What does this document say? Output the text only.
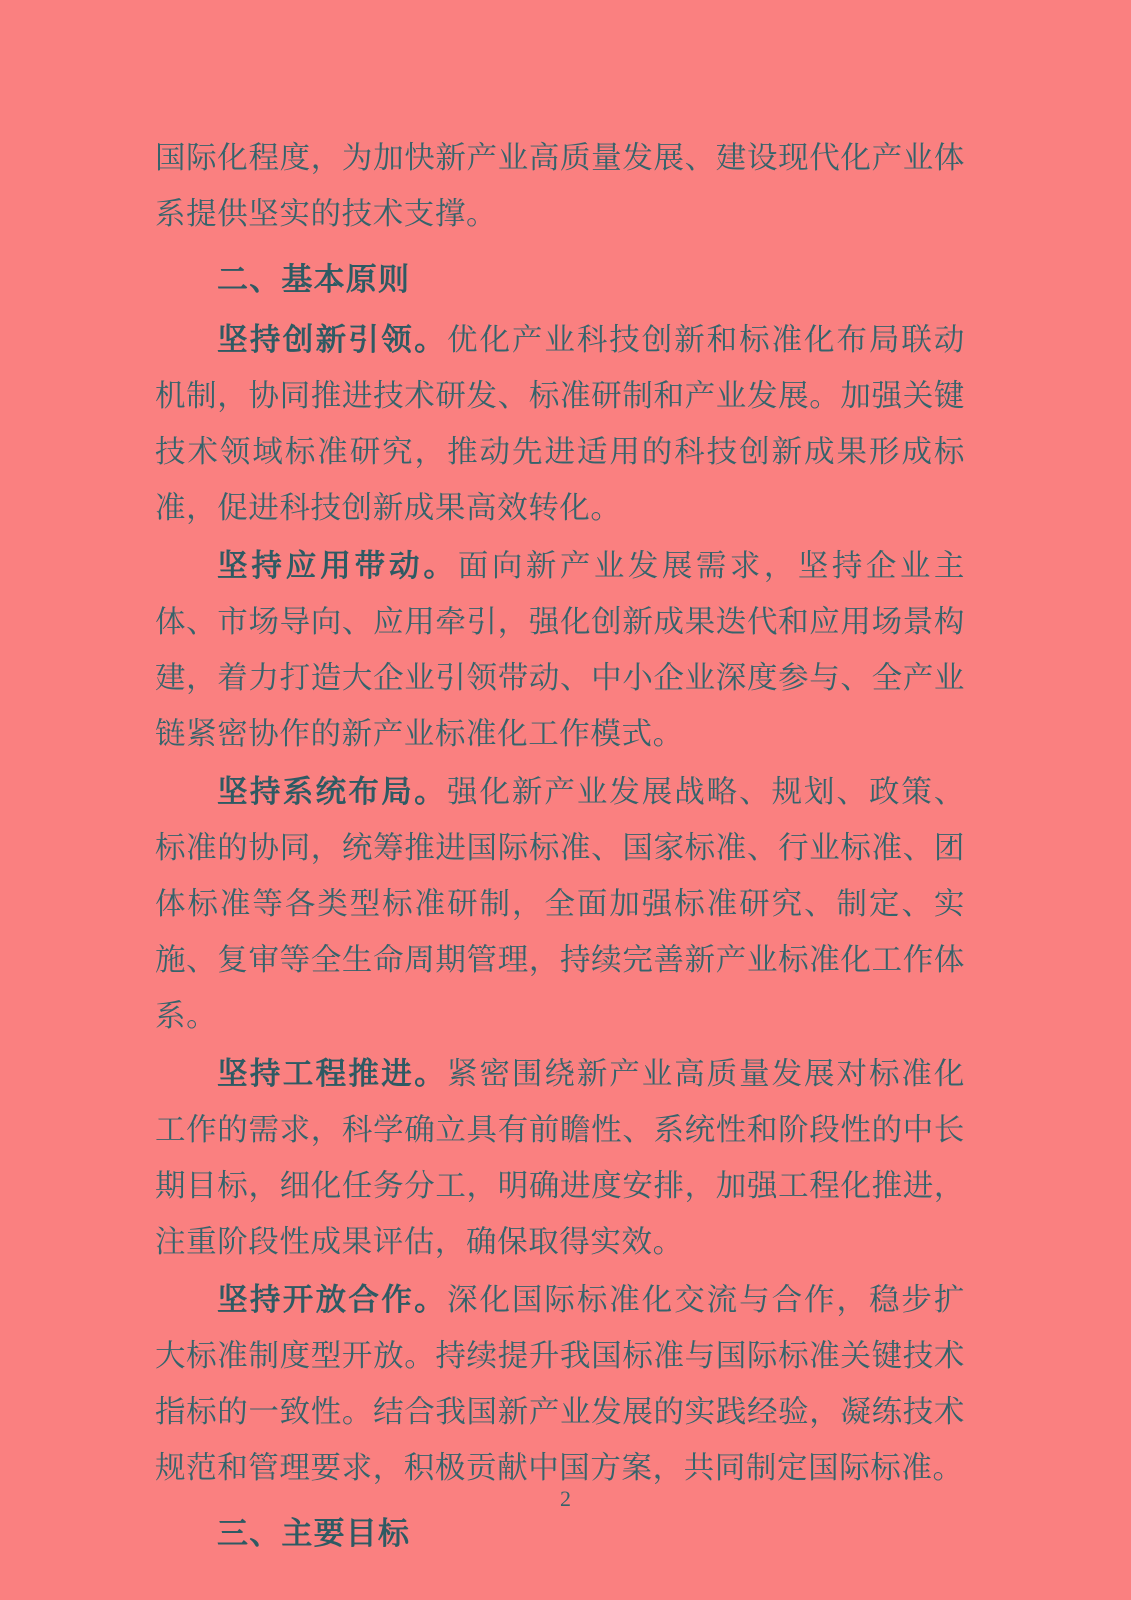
国际化程度，为加快新产业高质量发展、建设现代化产业体系提供坚实的技术支撑。

二、基本原则

坚持创新引领。优化产业科技创新和标准化布局联动机制，协同推进技术研发、标准研制和产业发展。加强关键技术领域标准研究，推动先进适用的科技创新成果形成标准，促进科技创新成果高效转化。

坚持应用带动。面向新产业发展需求，坚持企业主体、市场导向、应用牵引，强化创新成果迭代和应用场景构建，着力打造大企业引领带动、中小企业深度参与、全产业链紧密协作的新产业标准化工作模式。

坚持系统布局。强化新产业发展战略、规划、政策、标准的协同，统筹推进国际标准、国家标准、行业标准、团体标准等各类型标准研制，全面加强标准研究、制定、实施、复审等全生命周期管理，持续完善新产业标准化工作体系。

坚持工程推进。紧密围绕新产业高质量发展对标准化工作的需求，科学确立具有前瞻性、系统性和阶段性的中长期目标，细化任务分工，明确进度安排，加强工程化推进，注重阶段性成果评估，确保取得实效。

坚持开放合作。深化国际标准化交流与合作，稳步扩大标准制度型开放。持续提升我国标准与国际标准关键技术指标的一致性。结合我国新产业发展的实践经验，凝练技术规范和管理要求，积极贡献中国方案，共同制定国际标准。

三、主要目标
2
